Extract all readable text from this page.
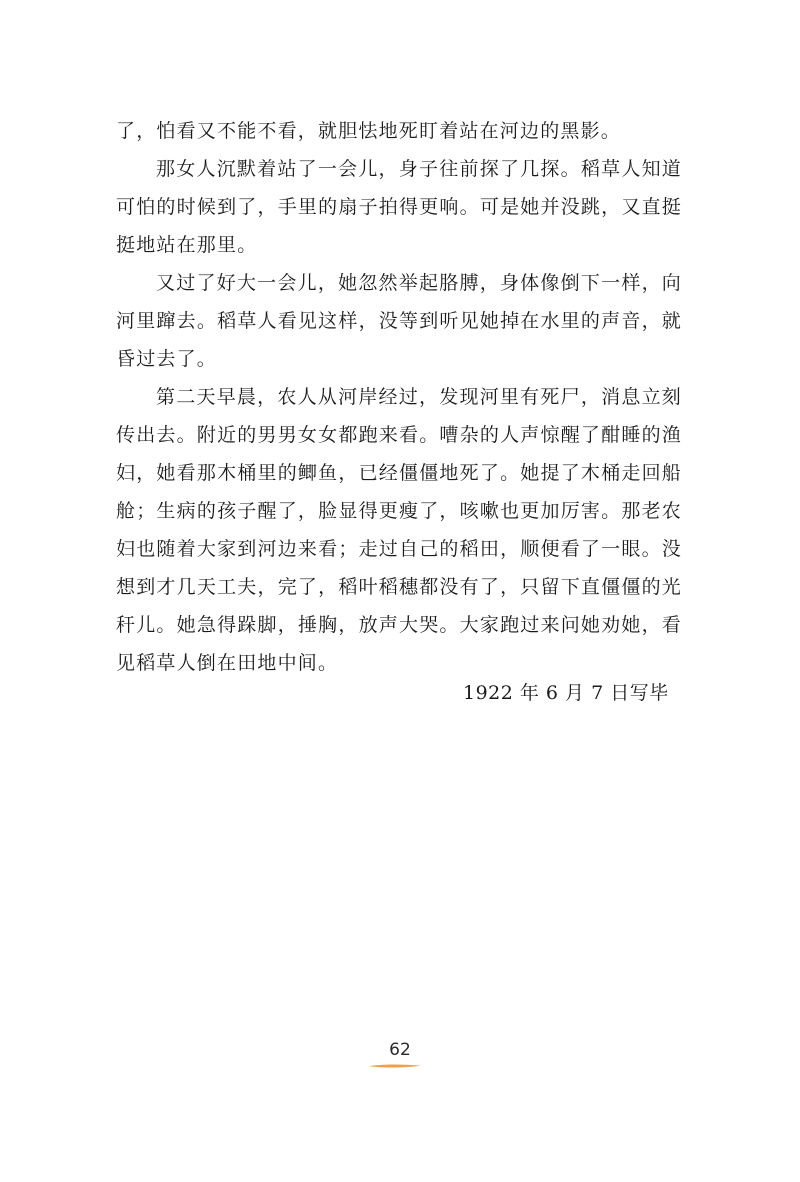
了，怕看又不能不看，就胆怯地死盯着站在河边的黑影。

那女人沉默着站了一会儿，身子往前探了几探。稻草人知道可怕的时候到了，手里的扇子拍得更响。可是她并没跳，又直挺挺地站在那里。

又过了好大一会儿，她忽然举起胳膊，身体像倒下一样，向河里蹿去。稻草人看见这样，没等到听见她掉在水里的声音，就昏过去了。

第二天早晨，农人从河岸经过，发现河里有死尸，消息立刻传出去。附近的男男女女都跑来看。嘈杂的人声惊醒了酣睡的渔妇，她看那木桶里的鲫鱼，已经僵僵地死了。她提了木桶走回船舱；生病的孩子醒了，脸显得更瘦了，咳嗽也更加厉害。那老农妇也随着大家到河边来看；走过自己的稻田，顺便看了一眼。没想到才几天工夫，完了，稻叶稻穗都没有了，只留下直僵僵的光秆儿。她急得跺脚，捶胸，放声大哭。大家跑过来问她劝她，看见稻草人倒在田地中间。

1922 年 6 月 7 日写毕
62
